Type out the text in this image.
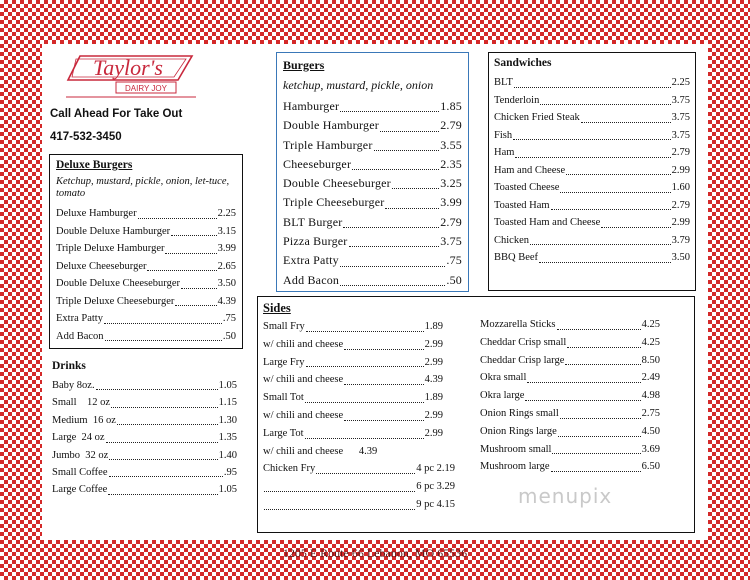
Taylor's
DAIRY JOY
Call Ahead For Take Out
417-532-3450
Deluxe Burgers
Ketchup, mustard, pickle, onion, let-tuce, tomato
Deluxe Hamburger	2.25
Double Deluxe Hamburger	3.15
Triple Deluxe Hamburger	3.99
Deluxe Cheeseburger	2.65
Double Deluxe Cheeseburger	3.50
Triple Deluxe Cheeseburger	4.39
Extra Patty	.75
Add Bacon	.50
Drinks
Baby 8oz.	1.05
Small    12 oz	1.15
Medium  16 oz	1.30
Large  24 oz	1.35
Jumbo  32 oz	1.40
Small Coffee	.95
Large Coffee	1.05
Burgers
ketchup, mustard, pickle, onion
Hamburger	1.85
Double Hamburger	2.79
Triple Hamburger	3.55
Cheeseburger	2.35
Double Cheeseburger	3.25
Triple Cheeseburger	3.99
BLT Burger	2.79
Pizza Burger	3.75
Extra Patty	.75
Add Bacon	.50
Sandwiches
BLT	2.25
Tenderloin	3.75
Chicken Fried Steak	3.75
Fish	3.75
Ham	2.79
Ham and Cheese	2.99
Toasted Cheese	1.60
Toasted Ham	2.79
Toasted Ham and Cheese	2.99
Chicken	3.79
BBQ Beef	3.50
Sides
Small Fry	1.89
w/ chili and cheese	2.99
Large Fry	2.99
w/ chili and cheese	4.39
Small Tot	1.89
w/ chili and cheese	2.99
Large Tot	2.99
w/ chili and cheese      4.39
Chicken Fry	4 pc 2.19
6 pc 3.29
9 pc 4.15
Mozzarella Sticks	4.25
Cheddar Crisp small	4.25
Cheddar Crisp large	8.50
Okra small	2.49
Okra large	4.98
Onion Rings small	2.75
Onion Rings large	4.50
Mushroom small	3.69
Mushroom large	6.50
menupix
1205 E Route 66 Lebanon, MO 65536
